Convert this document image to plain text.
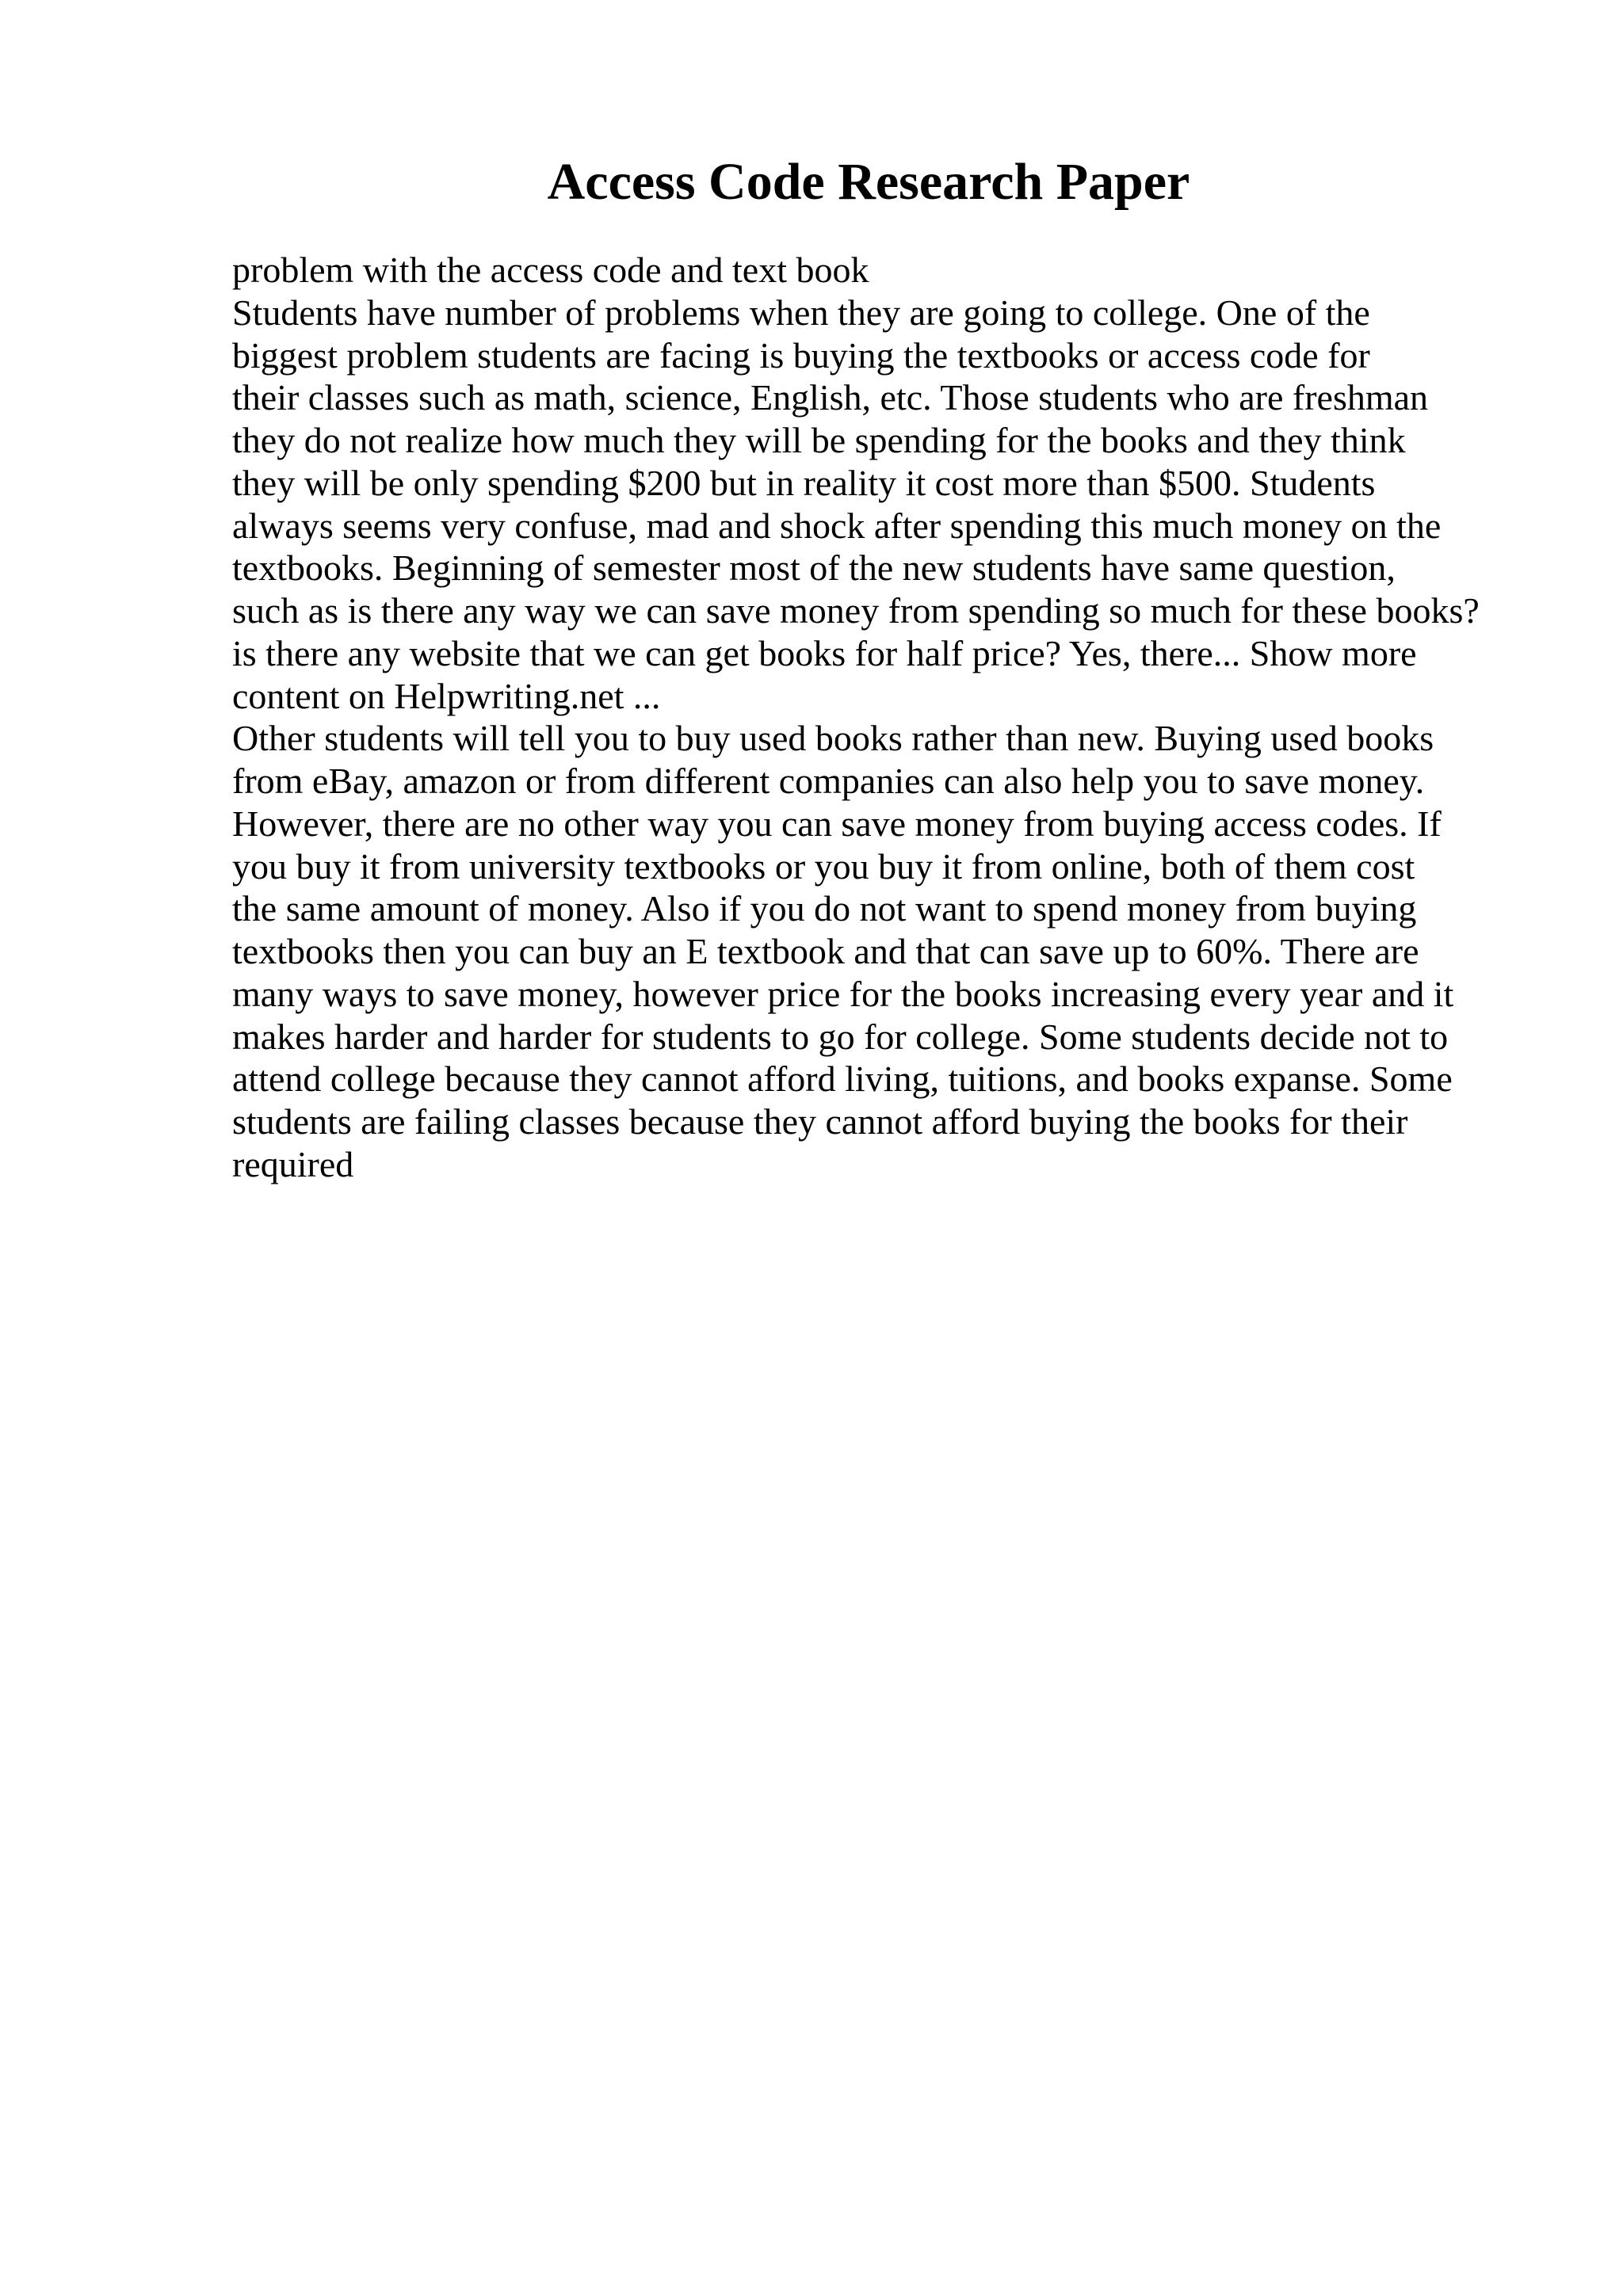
Access Code Research Paper
problem with the access code and text book
Students have number of problems when they are going to college. One of the
biggest problem students are facing is buying the textbooks or access code for
their classes such as math, science, English, etc. Those students who are freshman
they do not realize how much they will be spending for the books and they think
they will be only spending $200 but in reality it cost more than $500. Students
always seems very confuse, mad and shock after spending this much money on the
textbooks. Beginning of semester most of the new students have same question,
such as is there any way we can save money from spending so much for these books?
is there any website that we can get books for half price? Yes, there... Show more
content on Helpwriting.net ...
Other students will tell you to buy used books rather than new. Buying used books
from eBay, amazon or from different companies can also help you to save money.
However, there are no other way you can save money from buying access codes. If
you buy it from university textbooks or you buy it from online, both of them cost
the same amount of money. Also if you do not want to spend money from buying
textbooks then you can buy an E textbook and that can save up to 60%. There are
many ways to save money, however price for the books increasing every year and it
makes harder and harder for students to go for college. Some students decide not to
attend college because they cannot afford living, tuitions, and books expanse. Some
students are failing classes because they cannot afford buying the books for their
required
